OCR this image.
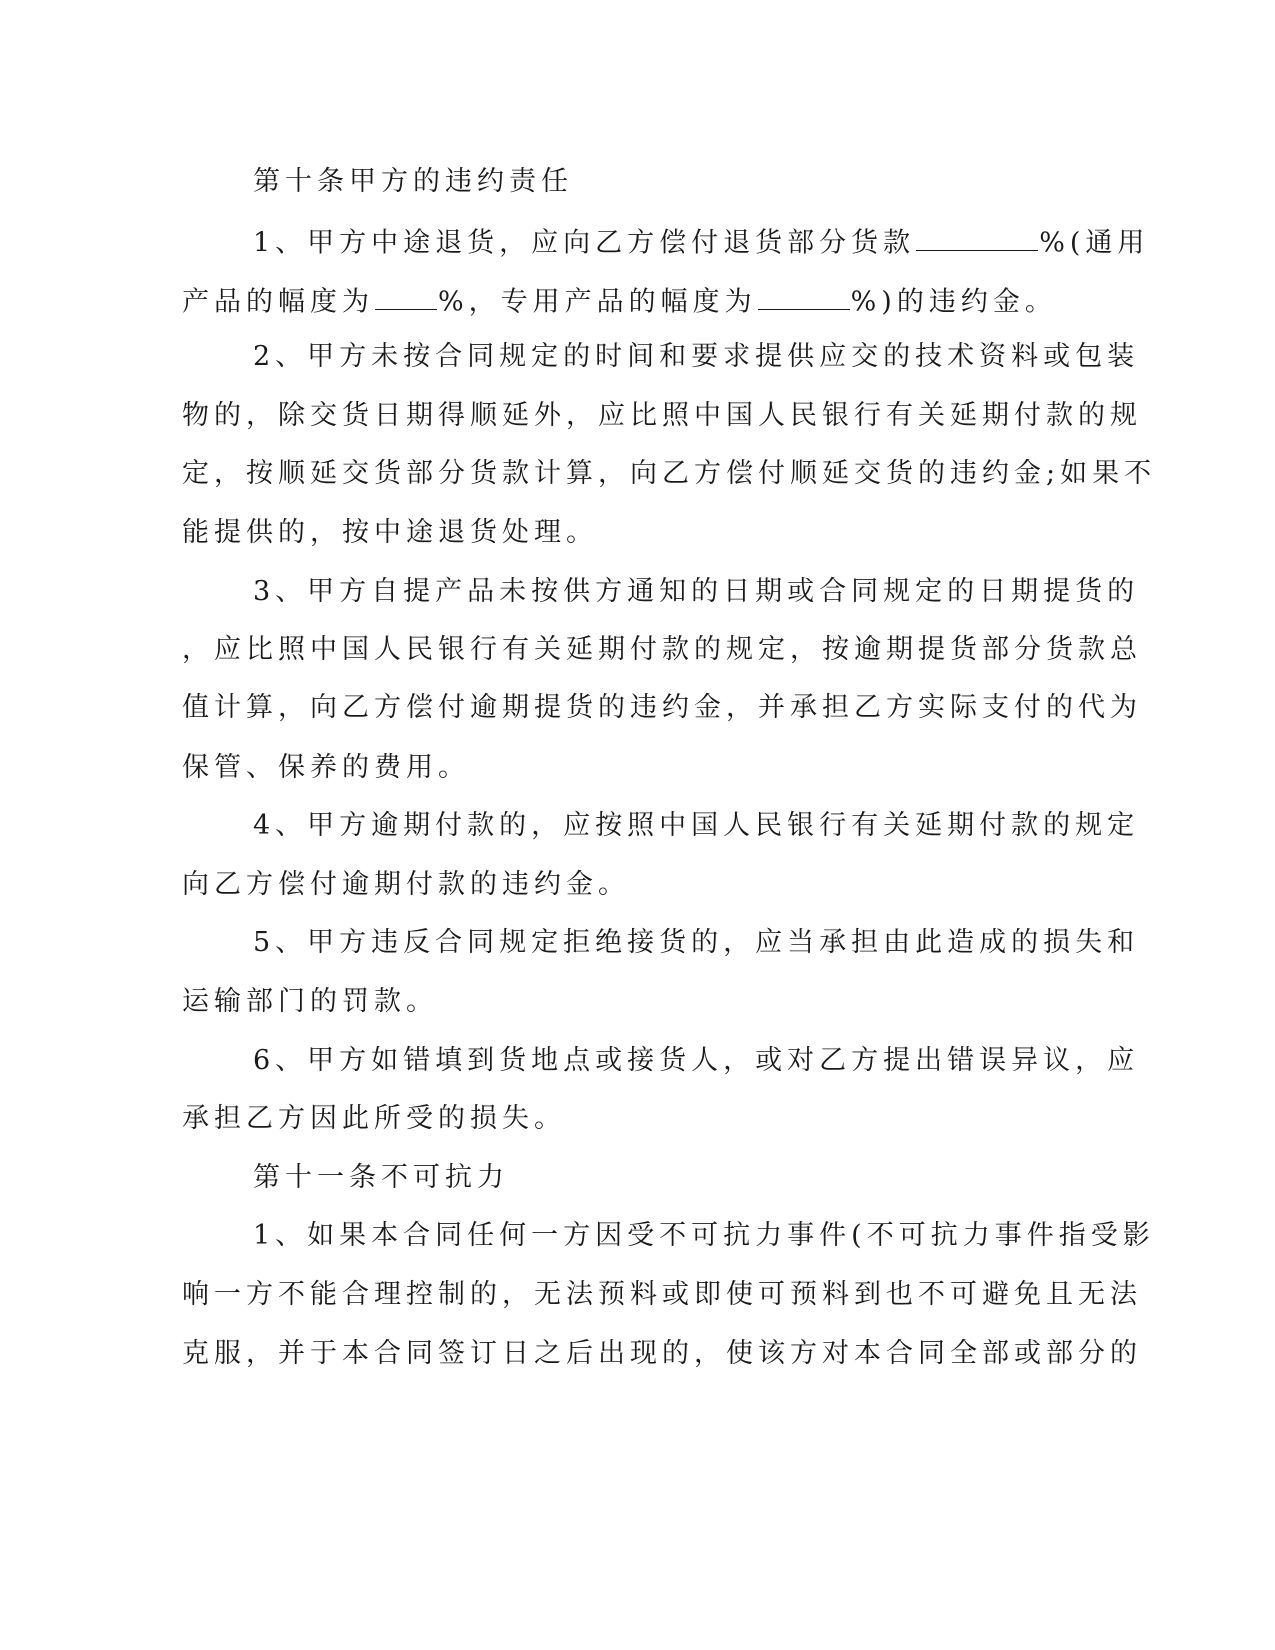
第十条甲方的违约责任
1、甲方中途退货，应向乙方偿付退货部分货款	%(通用
产品的幅度为 %，专用产品的幅度为	%)的违约金。
2、甲方未按合同规定的时间和要求提供应交的技术资料或包装
物的，除交货日期得顺延外，应比照中国人民银行有关延期付款的规
定，按顺延交货部分货款计算，向乙方偿付顺延交货的违约金;如果不
能提供的，按中途退货处理。
3、甲方自提产品未按供方通知的日期或合同规定的日期提货的
，应比照中国人民银行有关延期付款的规定，按逾期提货部分货款总
值计算，向乙方偿付逾期提货的违约金，并承担乙方实际支付的代为
保管、保养的费用。
4、甲方逾期付款的，应按照中国人民银行有关延期付款的规定
向乙方偿付逾期付款的违约金。
5、甲方违反合同规定拒绝接货的，应当承担由此造成的损失和
运输部门的罚款。
6、甲方如错填到货地点或接货人，或对乙方提出错误异议，应
承担乙方因此所受的损失。
第十一条不可抗力
1、如果本合同任何一方因受不可抗力事件(不可抗力事件指受影
响一方不能合理控制的，无法预料或即使可预料到也不可避免且无法
克服，并于本合同签订日之后出现的，使该方对本合同全部或部分的
